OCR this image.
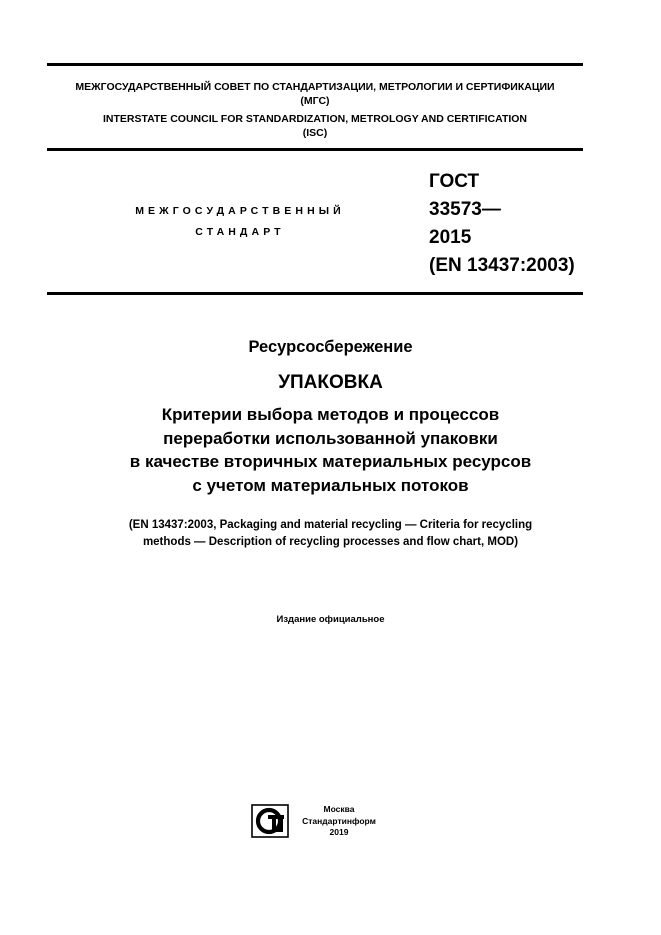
МЕЖГОСУДАРСТВЕННЫЙ СОВЕТ ПО СТАНДАРТИЗАЦИИ, МЕТРОЛОГИИ И СЕРТИФИКАЦИИ
(МГС)
INTERSTATE COUNCIL FOR STANDARDIZATION, METROLOGY AND CERTIFICATION
(ISC)
МЕЖГОСУДАРСТВЕННЫЙ
СТАНДАРТ
ГОСТ
33573—
2015
(EN 13437:2003)
Ресурсосбережение
УПАКОВКА
Критерии выбора методов и процессов
переработки использованной упаковки
в качестве вторичных материальных ресурсов
с учетом материальных потоков
(EN 13437:2003, Packaging and material recycling — Criteria for recycling
methods — Description of recycling processes and flow chart, MOD)
Издание официальное
Москва
Стандартинформ
2019
